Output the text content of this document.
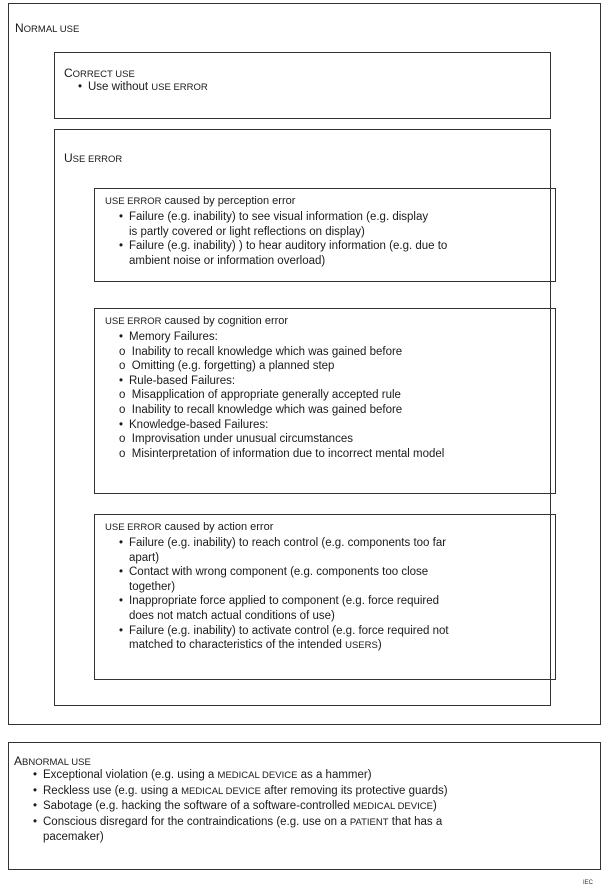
NORMAL USE
CORRECT USE
• Use without USE ERROR
USE ERROR
USE ERROR caused by perception error
• Failure (e.g. inability) to see visual information (e.g. display
is partly covered or light reflections on display)
• Failure (e.g. inability) ) to hear auditory information (e.g. due to
ambient noise or information overload)
USE ERROR caused by cognition error
• Memory Failures:
o Inability to recall knowledge which was gained before
o Omitting (e.g. forgetting) a planned step
• Rule-based Failures:
o Misapplication of appropriate generally accepted rule
o Inability to recall knowledge which was gained before
• Knowledge-based Failures:
o Improvisation under unusual circumstances
o Misinterpretation of information due to incorrect mental model
USE ERROR caused by action error
• Failure (e.g. inability) to reach control (e.g. components too far
apart)
• Contact with wrong component (e.g. components too close
together)
• Inappropriate force applied to component (e.g. force required
does not match actual conditions of use)
• Failure (e.g. inability) to activate control (e.g. force required not
matched to characteristics of the intended USERS)
ABNORMAL USE
• Exceptional violation (e.g. using a MEDICAL DEVICE as a hammer)
• Reckless use (e.g. using a MEDICAL DEVICE after removing its protective guards)
• Sabotage (e.g. hacking the software of a software-controlled MEDICAL DEVICE)
• Conscious disregard for the contraindications (e.g. use on a PATIENT that has a
pacemaker)
IEC
